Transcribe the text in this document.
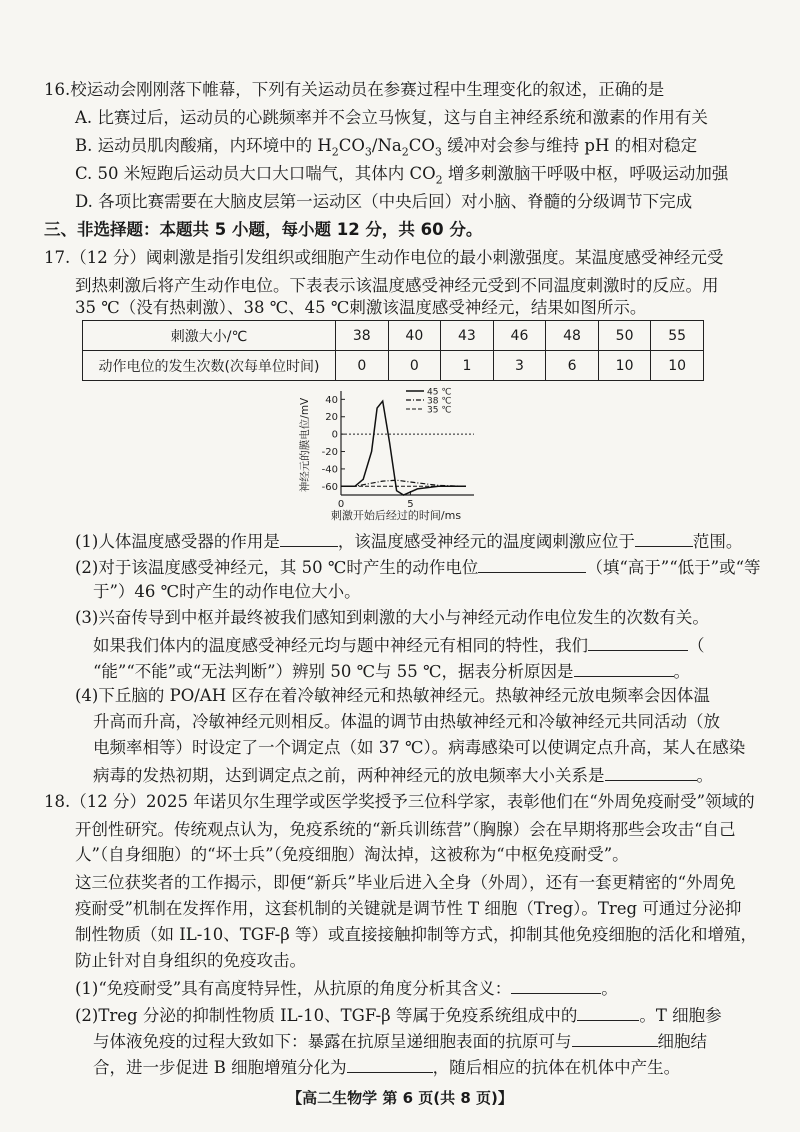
16.校运动会刚刚落下帷幕，下列有关运动员在参赛过程中生理变化的叙述，正确的是
A. 比赛过后，运动员的心跳频率并不会立马恢复，这与自主神经系统和激素的作用有关
B. 运动员肌肉酸痛，内环境中的 $H_2CO_3/Na_2CO_3$ 缓冲对会参与维持 pH 的相对稳定
C. 50 米短跑后运动员大口大口喘气，其体内 $CO_2$ 增多刺激脑干呼吸中枢，呼吸运动加强
D. 各项比赛需要在大脑皮层第一运动区（中央后回）对小脑、脊髓的分级调节下完成
三、非选择题：本题共 5 小题，每小题 12 分，共 60 分。
17.（12 分）阈刺激是指引发组织或细胞产生动作电位的最小刺激强度。某温度感受神经元受
到热刺激后将产生动作电位。下表表示该温度感受神经元受到不同温度刺激时的反应。用
35 ℃（没有热刺激）、38 ℃、45 ℃刺激该温度感受神经元，结果如图所示。
刺激大小/℃	38	40	43	46	48	50	55
动作电位的发生次数(次每单位时间)	0	0	1	3	6	10	10
40
20
0
-20
-40
-60
0	5
神经元的膜电位/mV
刺激开始后经过的时间/ms
45 ℃
38 ℃
35 ℃
(1)人体温度感受器的作用是	，该温度感受神经元的温度阈刺激应位于	范围。
(2)对于该温度感受神经元，其 50 ℃时产生的动作电位	（填“高于”“低于”或“等
于”）46 ℃时产生的动作电位大小。
(3)兴奋传导到中枢并最终被我们感知到刺激的大小与神经元动作电位发生的次数有关。
如果我们体内的温度感受神经元均与题中神经元有相同的特性，我们	（
“能”“不能”或“无法判断”）辨别 50 ℃与 55 ℃，据表分析原因是	。
(4)下丘脑的 PO/AH 区存在着冷敏神经元和热敏神经元。热敏神经元放电频率会因体温
升高而升高，冷敏神经元则相反。体温的调节由热敏神经元和冷敏神经元共同活动（放
电频率相等）时设定了一个调定点（如 37 ℃）。病毒感染可以使调定点升高，某人在感染
病毒的发热初期，达到调定点之前，两种神经元的放电频率大小关系是	。
18.（12 分）2025 年诺贝尔生理学或医学奖授予三位科学家，表彰他们在“外周免疫耐受”领域的
开创性研究。传统观点认为，免疫系统的“新兵训练营”（胸腺）会在早期将那些会攻击“自己
人”（自身细胞）的“坏士兵”（免疫细胞）淘汰掉，这被称为“中枢免疫耐受”。
这三位获奖者的工作揭示，即便“新兵”毕业后进入全身（外周），还有一套更精密的“外周免
疫耐受”机制在发挥作用，这套机制的关键就是调节性 T 细胞（Treg）。Treg 可通过分泌抑
制性物质（如 IL-10、TGF-β 等）或直接接触抑制等方式，抑制其他免疫细胞的活化和增殖，
防止针对自身组织的免疫攻击。
(1)“免疫耐受”具有高度特异性，从抗原的角度分析其含义：	。
(2)Treg 分泌的抑制性物质 IL-10、TGF-β 等属于免疫系统组成中的	。T 细胞参
与体液免疫的过程大致如下：暴露在抗原呈递细胞表面的抗原可与	细胞结
合，进一步促进 B 细胞增殖分化为	，随后相应的抗体在机体中产生。
【高二生物学 第 6 页(共 8 页)】
